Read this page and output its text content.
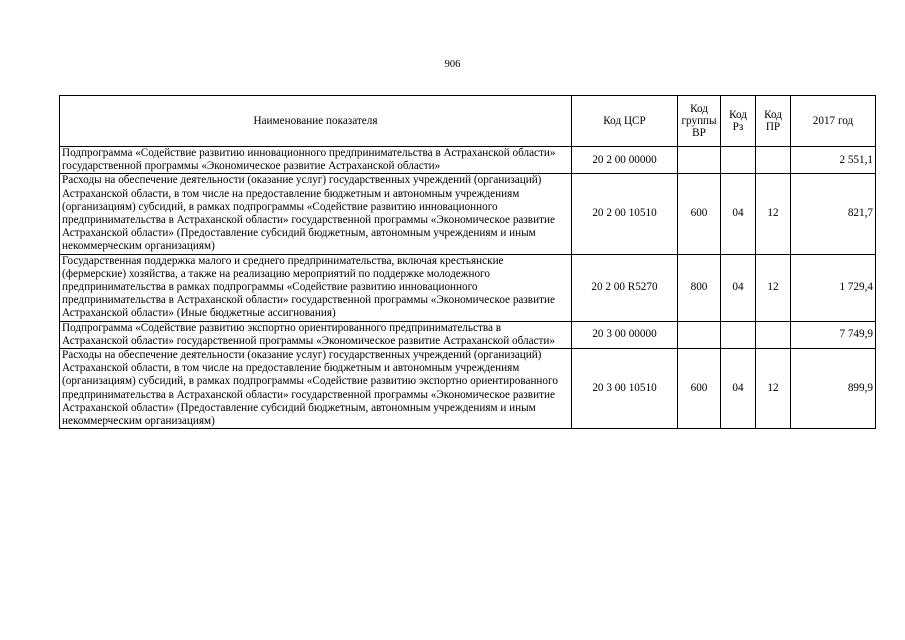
906
Наименование показателя	Код ЦСР	Код группы ВР	Код Рз	Код ПР	2017 год
Подпрограмма «Содействие развитию инновационного предпринимательства в Астраханской области» государственной программы «Экономическое развитие Астраханской области»	20 2 00 00000				2 551,1
Расходы на обеспечение деятельности (оказание услуг) государственных учреждений (организаций) Астраханской области, в том числе на предоставление бюджетным и автономным учреждениям (организациям) субсидий, в рамках подпрограммы «Содействие развитию инновационного предпринимательства в Астраханской области» государственной программы «Экономическое развитие Астраханской области» (Предоставление субсидий бюджетным, автономным учреждениям и иным некоммерческим организациям)	20 2 00 10510	600	04	12	821,7
Государственная поддержка малого и среднего предпринимательства, включая крестьянские (фермерские) хозяйства, а также на реализацию мероприятий по поддержке молодежного предпринимательства в рамках подпрограммы «Содействие развитию инновационного предпринимательства в Астраханской области» государственной программы «Экономическое развитие Астраханской области» (Иные бюджетные ассигнования)	20 2 00 R5270	800	04	12	1 729,4
Подпрограмма «Содействие развитию экспортно ориентированного предпринимательства в Астраханской области» государственной программы «Экономическое развитие Астраханской области»	20 3 00 00000				7 749,9
Расходы на обеспечение деятельности (оказание услуг) государственных учреждений (организаций) Астраханской области, в том числе на предоставление бюджетным и автономным учреждениям (организациям) субсидий, в рамках подпрограммы «Содействие развитию экспортно ориентированного предпринимательства в Астраханской области» государственной программы «Экономическое развитие Астраханской области» (Предоставление субсидий бюджетным, автономным учреждениям и иным некоммерческим организациям)	20 3 00 10510	600	04	12	899,9
